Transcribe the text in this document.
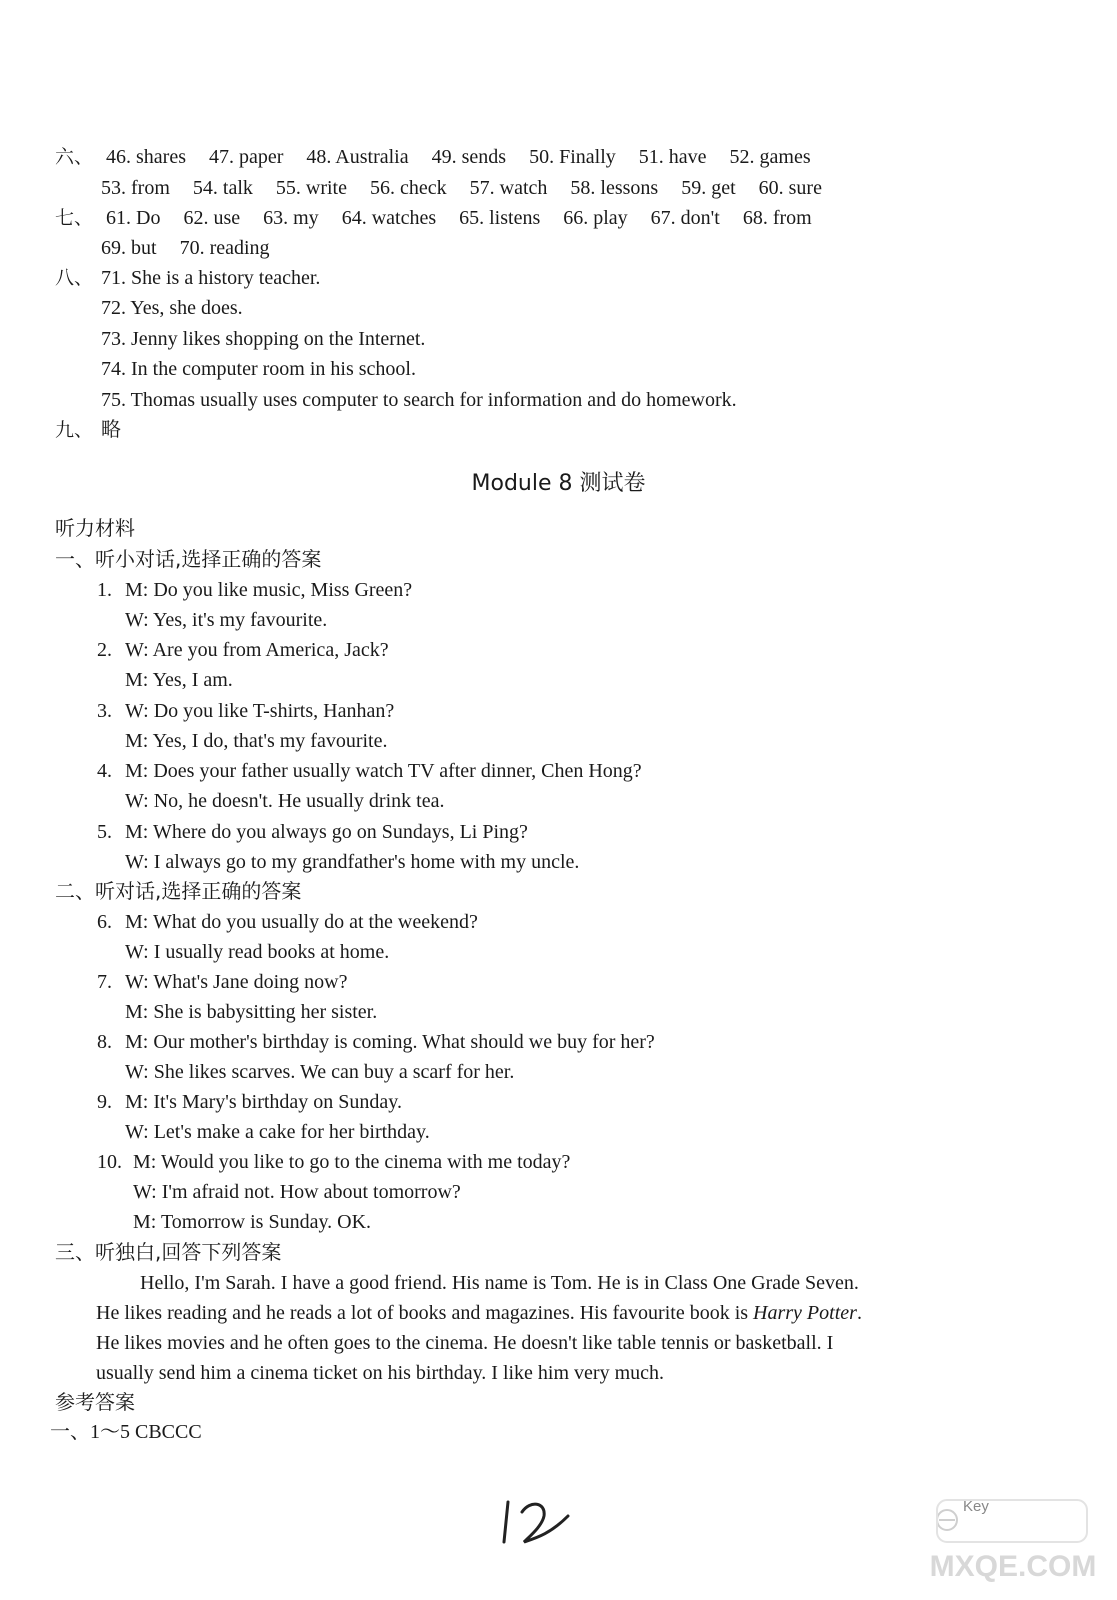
六、 46. shares 47. paper 48. Australia 49. sends 50. Finally 51. have 52. games
53. from 54. talk 55. write 56. check 57. watch 58. lessons 59. get 60. sure
七、 61. Do 62. use 63. my 64. watches 65. listens 66. play 67. don't 68. from
69. but 70. reading
八、 71. She is a history teacher.
72. Yes, she does.
73. Jenny likes shopping on the Internet.
74. In the computer room in his school.
75. Thomas usually uses computer to search for information and do homework.
九、 略
Module 8 测试卷
听力材料
一、听小对话,选择正确的答案
1. M: Do you like music, Miss Green?
W: Yes, it's my favourite.
2. W: Are you from America, Jack?
M: Yes, I am.
3. W: Do you like T-shirts, Hanhan?
M: Yes, I do, that's my favourite.
4. M: Does your father usually watch TV after dinner, Chen Hong?
W: No, he doesn't. He usually drink tea.
5. M: Where do you always go on Sundays, Li Ping?
W: I always go to my grandfather's home with my uncle.
二、听对话,选择正确的答案
6. M: What do you usually do at the weekend?
W: I usually read books at home.
7. W: What's Jane doing now?
M: She is babysitting her sister.
8. M: Our mother's birthday is coming. What should we buy for her?
W: She likes scarves. We can buy a scarf for her.
9. M: It's Mary's birthday on Sunday.
W: Let's make a cake for her birthday.
10. M: Would you like to go to the cinema with me today?
W: I'm afraid not. How about tomorrow?
M: Tomorrow is Sunday. OK.
三、听独白,回答下列答案

Hello, I'm Sarah. I have a good friend. His name is Tom. He is in Class One Grade Seven.

He likes reading and he reads a lot of books and magazines. His favourite book is Harry Potter.

He likes movies and he often goes to the cinema. He doesn't like table tennis or basketball. I

usually send him a cinema ticket on his birthday. I like him very much.

参考答案
一、1～5 CBCCC
MXQE.COM
Key
